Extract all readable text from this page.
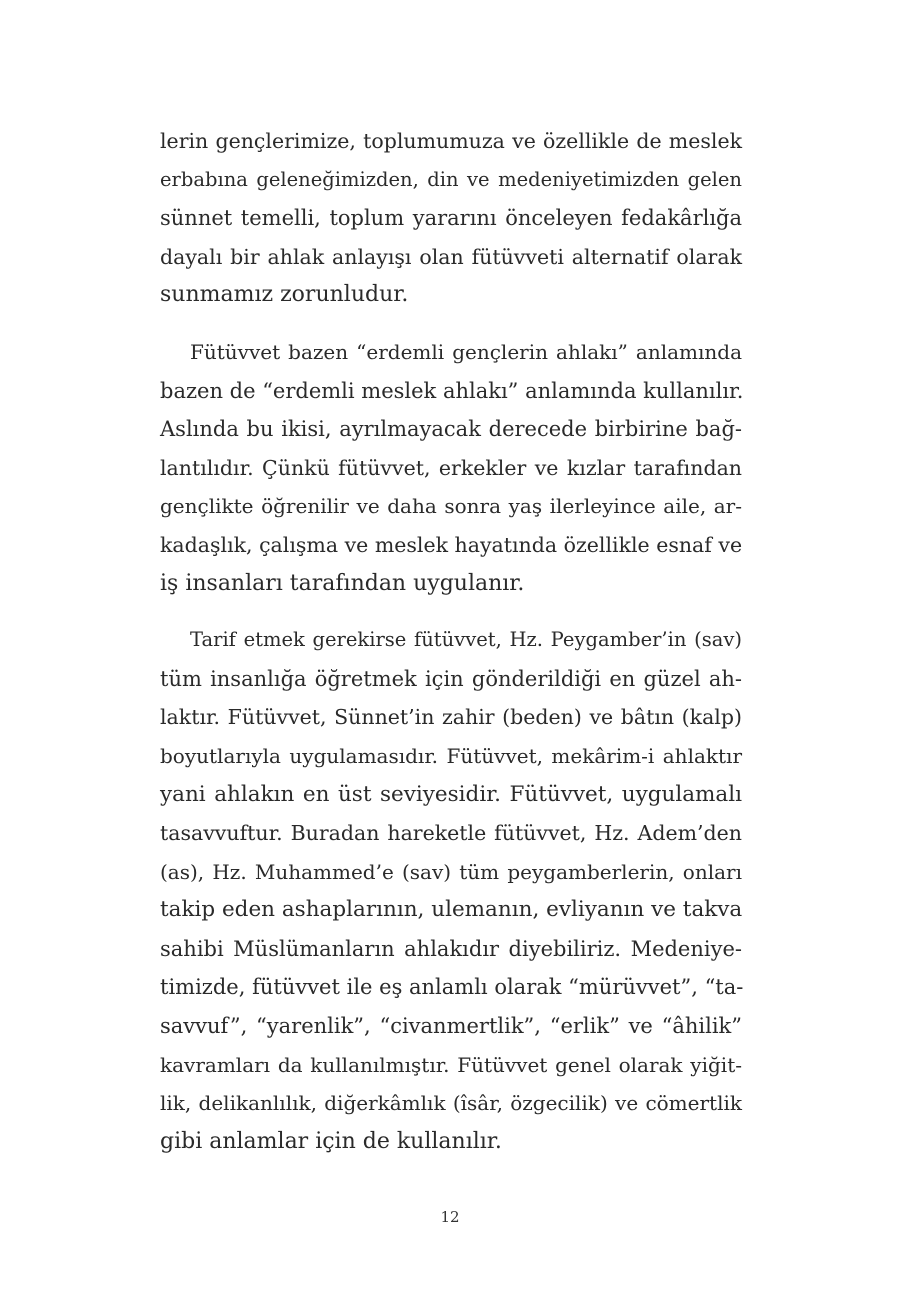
lerin gençlerimize, toplumumuza ve özellikle de meslek
erbabına geleneğimizden, din ve medeniyetimizden gelen
sünnet temelli, toplum yararını önceleyen fedakârlığa
dayalı bir ahlak anlayışı olan fütüvveti alternatif olarak
sunmamız zorunludur.
Fütüvvet bazen “erdemli gençlerin ahlakı” anlamında
bazen de “erdemli meslek ahlakı” anlamında kullanılır.
Aslında bu ikisi, ayrılmayacak derecede birbirine bağ-
lantılıdır. Çünkü fütüvvet, erkekler ve kızlar tarafından
gençlikte öğrenilir ve daha sonra yaş ilerleyince aile, ar-
kadaşlık, çalışma ve meslek hayatında özellikle esnaf ve
iş insanları tarafından uygulanır.
Tarif etmek gerekirse fütüvvet, Hz. Peygamber’in (sav)
tüm insanlığa öğretmek için gönderildiği en güzel ah-
laktır. Fütüvvet, Sünnet’in zahir (beden) ve bâtın (kalp)
boyutlarıyla uygulamasıdır. Fütüvvet, mekârim-i ahlaktır
yani ahlakın en üst seviyesidir. Fütüvvet, uygulamalı
tasavvuftur. Buradan hareketle fütüvvet, Hz. Adem’den
(as), Hz. Muhammed’e (sav) tüm peygamberlerin, onları
takip eden ashaplarının, ulemanın, evliyanın ve takva
sahibi Müslümanların ahlakıdır diyebiliriz. Medeniye-
timizde, fütüvvet ile eş anlamlı olarak “mürüvvet”, “ta-
savvuf”, “yarenlik”, “civanmertlik”, “erlik” ve “âhilik”
kavramları da kullanılmıştır. Fütüvvet genel olarak yiğit-
lik, delikanlılık, diğerkâmlık (îsâr, özgecilik) ve cömertlik
gibi anlamlar için de kullanılır.
12
